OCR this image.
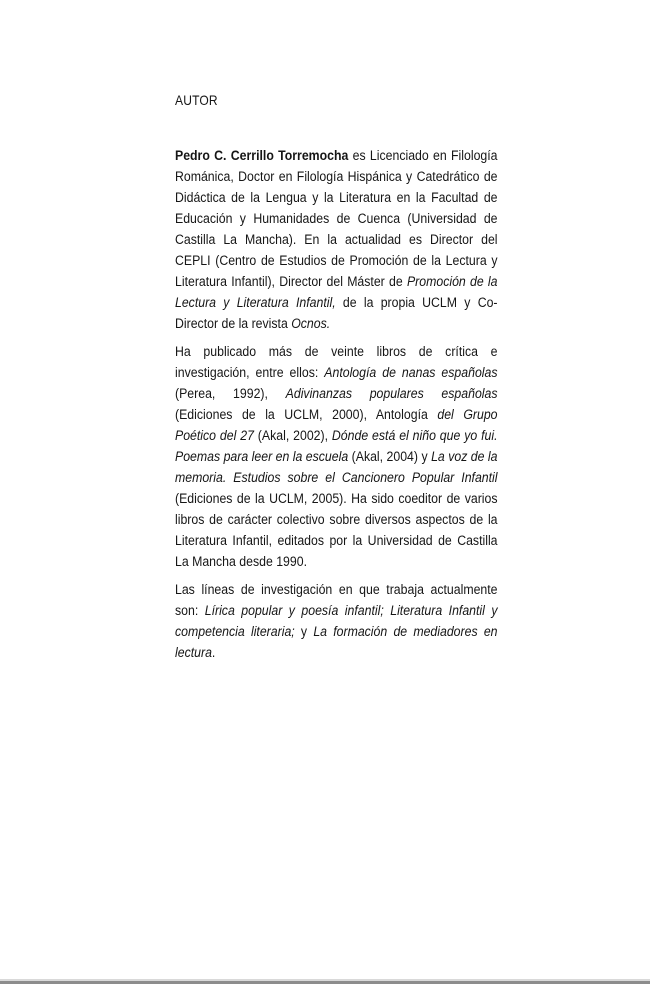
AUTOR

Pedro C. Cerrillo Torremocha es Licenciado en Filología Románica, Doctor en Filología Hispánica y Catedrático de Didáctica de la Lengua y la Literatura en la Facultad de Educación y Humanidades de Cuenca (Universidad de Castilla La Mancha). En la actualidad es Director del CEPLI (Centro de Estudios de Promoción de la Lectura y Literatura Infantil), Director del Máster de Promoción de la Lectura y Literatura Infantil, de la propia UCLM y Co-Director de la revista Ocnos.

Ha publicado más de veinte libros de crítica e investigación, entre ellos: Antología de nanas españolas (Perea, 1992), Adivinanzas populares españolas (Ediciones de la UCLM, 2000), Antología del Grupo Poético del 27 (Akal, 2002), Dónde está el niño que yo fui. Poemas para leer en la escuela (Akal, 2004) y La voz de la memoria. Estudios sobre el Cancionero Popular Infantil (Ediciones de la UCLM, 2005). Ha sido coeditor de varios libros de carácter colectivo sobre diversos aspectos de la Literatura Infantil, editados por la Universidad de Castilla La Mancha desde 1990.

Las líneas de investigación en que trabaja actualmente son: Lírica popular y poesía infantil; Literatura Infantil y competencia literaria; y La formación de mediadores en lectura.
